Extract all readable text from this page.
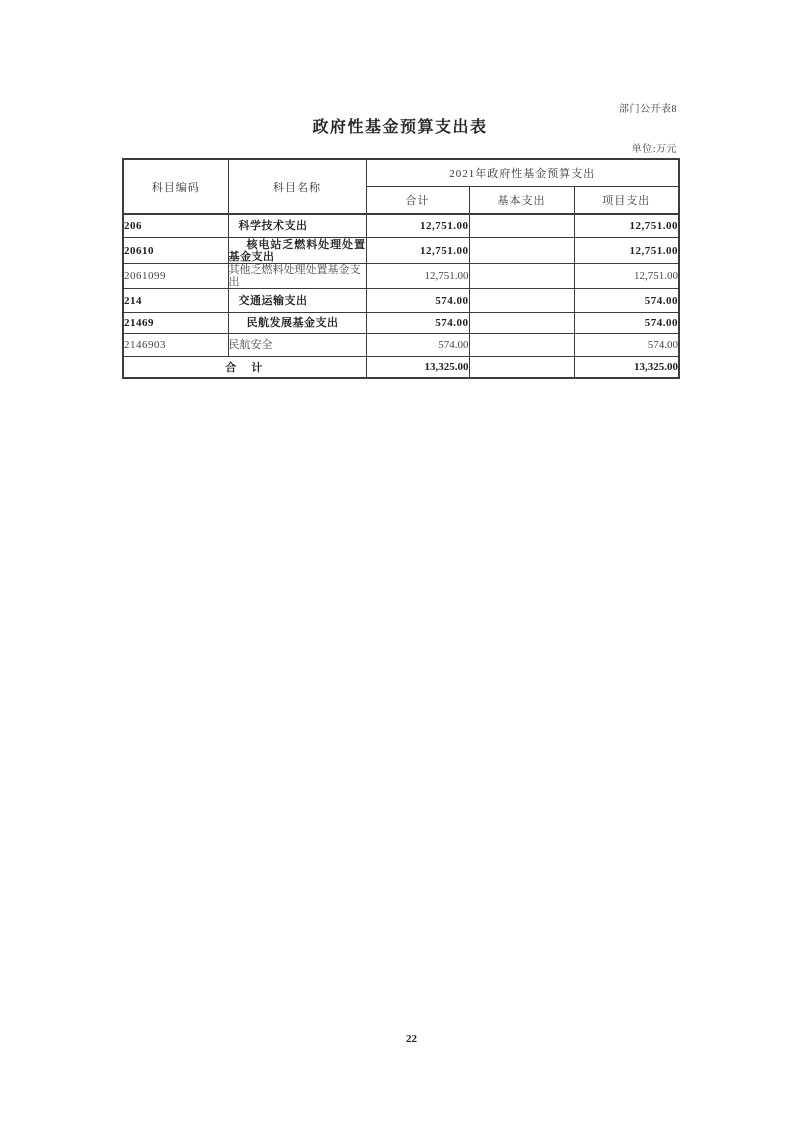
部门公开表8
政府性基金预算支出表
单位:万元
科目编码	科目名称	2021年政府性基金预算支出		
		合计	基本支出	项目支出
206	科学技术支出	12,751.00		12,751.00
20610	核电站乏燃料处理处置基金支出	12,751.00		12,751.00
2061099	其他乏燃料处理处置基金支出	12,751.00		12,751.00
214	交通运输支出	574.00		574.00
21469	民航发展基金支出	574.00		574.00
2146903	民航安全	574.00		574.00
合　计		13,325.00		13,325.00
22
